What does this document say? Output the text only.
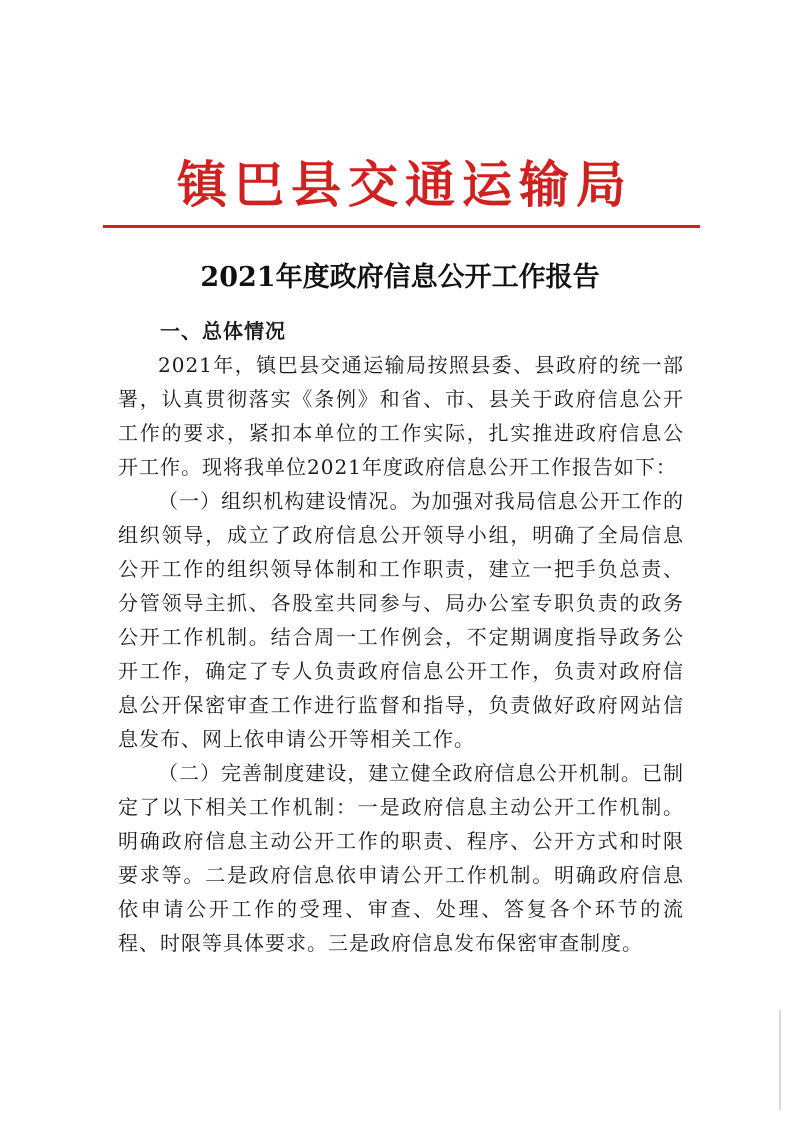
镇巴县交通运输局
2021年度政府信息公开工作报告

一、总体情况

2021年，镇巴县交通运输局按照县委、县政府的统一部署，认真贯彻落实《条例》和省、市、县关于政府信息公开工作的要求，紧扣本单位的工作实际，扎实推进政府信息公开工作。现将我单位2021年度政府信息公开工作报告如下：

（一）组织机构建设情况。为加强对我局信息公开工作的组织领导，成立了政府信息公开领导小组，明确了全局信息公开工作的组织领导体制和工作职责，建立一把手负总责、分管领导主抓、各股室共同参与、局办公室专职负责的政务公开工作机制。结合周一工作例会，不定期调度指导政务公开工作，确定了专人负责政府信息公开工作，负责对政府信息公开保密审查工作进行监督和指导，负责做好政府网站信息发布、网上依申请公开等相关工作。

（二）完善制度建设，建立健全政府信息公开机制。已制定了以下相关工作机制：一是政府信息主动公开工作机制。明确政府信息主动公开工作的职责、程序、公开方式和时限要求等。二是政府信息依申请公开工作机制。明确政府信息依申请公开工作的受理、审查、处理、答复各个环节的流程、时限等具体要求。三是政府信息发布保密审查制度。
